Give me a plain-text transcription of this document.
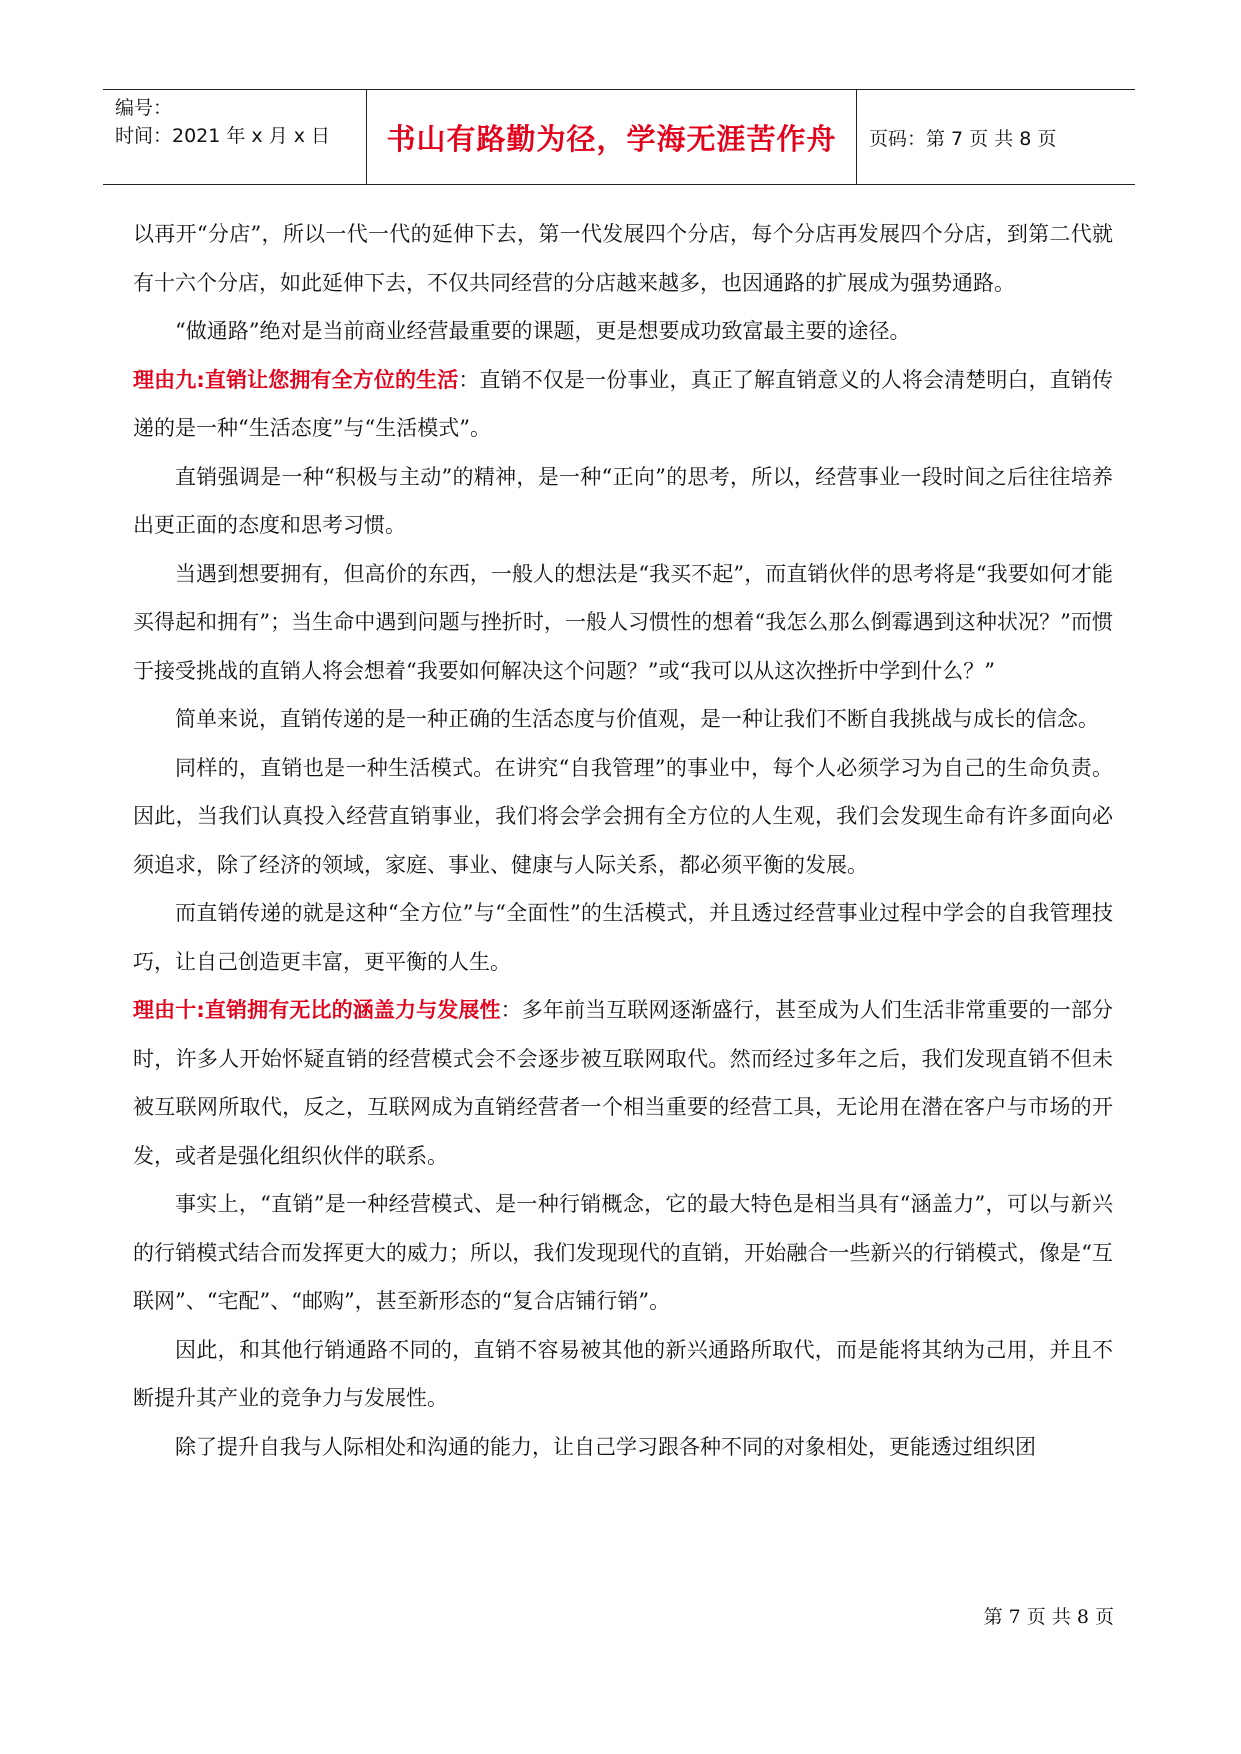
编号：
时间：2021 年 x 月 x 日	书山有路勤为径，学海无涯苦作舟	页码：第 7 页 共 8 页

以再开“分店”，所以一代一代的延伸下去，第一代发展四个分店，每个分店再发展四个分店，到第二代就有十六个分店，如此延伸下去，不仅共同经营的分店越来越多，也因通路的扩展成为强势通路。

“做通路”绝对是当前商业经营最重要的课题，更是想要成功致富最主要的途径。

理由九:直销让您拥有全方位的生活：直销不仅是一份事业，真正了解直销意义的人将会清楚明白，直销传递的是一种“生活态度”与“生活模式”。

直销强调是一种“积极与主动”的精神，是一种“正向”的思考，所以，经营事业一段时间之后往往培养出更正面的态度和思考习惯。

当遇到想要拥有，但高价的东西，一般人的想法是“我买不起”，而直销伙伴的思考将是“我要如何才能买得起和拥有”；当生命中遇到问题与挫折时，一般人习惯性的想着“我怎么那么倒霉遇到这种状况？”而惯于接受挑战的直销人将会想着“我要如何解决这个问题？”或“我可以从这次挫折中学到什么？”

简单来说，直销传递的是一种正确的生活态度与价值观，是一种让我们不断自我挑战与成长的信念。

同样的，直销也是一种生活模式。在讲究“自我管理”的事业中，每个人必须学习为自己的生命负责。因此，当我们认真投入经营直销事业，我们将会学会拥有全方位的人生观，我们会发现生命有许多面向必须追求，除了经济的领域，家庭、事业、健康与人际关系，都必须平衡的发展。

而直销传递的就是这种“全方位”与“全面性”的生活模式，并且透过经营事业过程中学会的自我管理技巧，让自己创造更丰富，更平衡的人生。

理由十:直销拥有无比的涵盖力与发展性：多年前当互联网逐渐盛行，甚至成为人们生活非常重要的一部分时，许多人开始怀疑直销的经营模式会不会逐步被互联网取代。然而经过多年之后，我们发现直销不但未被互联网所取代，反之，互联网成为直销经营者一个相当重要的经营工具，无论用在潜在客户与市场的开发，或者是强化组织伙伴的联系。

事实上，“直销”是一种经营模式、是一种行销概念，它的最大特色是相当具有“涵盖力”，可以与新兴的行销模式结合而发挥更大的威力；所以，我们发现现代的直销，开始融合一些新兴的行销模式，像是“互联网”、“宅配”、“邮购”，甚至新形态的“复合店铺行销”。

因此，和其他行销通路不同的，直销不容易被其他的新兴通路所取代，而是能将其纳为己用，并且不断提升其产业的竞争力与发展性。

除了提升自我与人际相处和沟通的能力，让自己学习跟各种不同的对象相处，更能透过组织团

第 7 页 共 8 页
